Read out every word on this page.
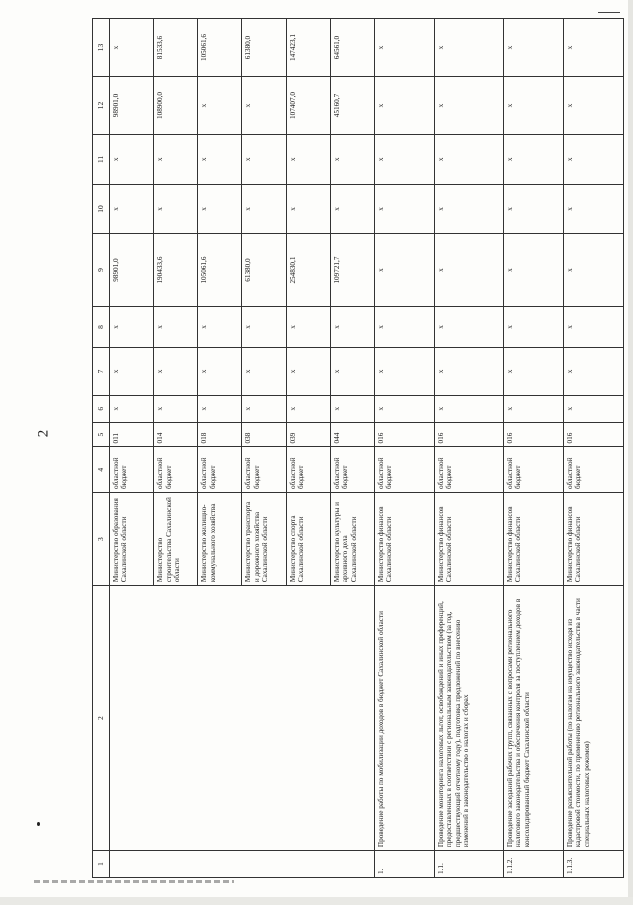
2
1	2	3	4	5	6	7	8	9	10	11	12	13
		Министерство образования Сахалинской области	областной бюджет	011	x	x	x	98901,0	x	x	98901,0	x
		Министерство строительства Сахалинской области	областной бюджет	014	x	x	x	190433,6	x	x	108900,0	81533,6
		Министерство жилищно-коммунального хозяйства	областной бюджет	018	x	x	x	105061,6	x	x	x	105061,6
		Министерство транспорта и дорожного хозяйства Сахалинской области	областной бюджет	038	x	x	x	61380,0	x	x	x	61380,0
		Министерство спорта Сахалинской области	областной бюджет	039	x	x	x	254830,1	x	x	107407,0	147423,1
		Министерство культуры и архивного дела Сахалинской области	областной бюджет	044	x	x	x	109721,7	x	x	45160,7	64561,0
1.	Проведение работы по мобилизации доходов в бюджет Сахалинской области	Министерство финансов Сахалинской области	областной бюджет	016	x	x	x	x	x	x	x	x
1.1.	Проведение мониторинга налоговых льгот, освобождений и иных преференций, предоставленных в соответствии с региональным законодательством (за год, предшествующий отчетному году), подготовка предложений по внесению изменений в законодательство о налогах и сборах	Министерство финансов Сахалинской области	областной бюджет	016	x	x	x	x	x	x	x	x
1.1.2.	Проведение заседаний рабочих групп, связанных с вопросами регионального налогового законодательства и обеспечения контроля за поступлением доходов в консолидированный бюджет Сахалинской области	Министерство финансов Сахалинской области	областной бюджет	016	x	x	x	x	x	x	x	x
1.1.3.	Проведение разъяснительной работы (по налогам на имущество исходя из кадастровой стоимости, по применению регионального законодательства в части специальных налоговых режимов)	Министерство финансов Сахалинской области	областной бюджет	016	x	x	x	x	x	x	x	x
